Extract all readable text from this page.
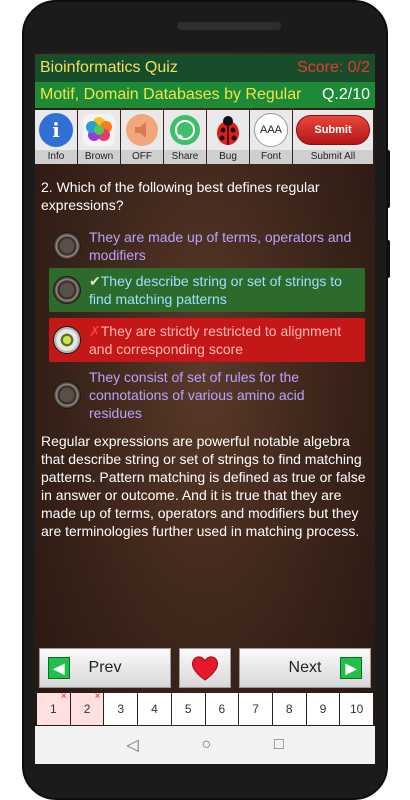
Bioinformatics Quiz	Score: 0/2
Motif, Domain Databases by Regular Q.2/10
i
Info	Brown	OFF	Share	Bug
AAA
Font
Submit
Submit All
2. Which of the following best defines regular expressions?
They are made up of terms, operators and modifiers
✔They describe string or set of strings to find matching patterns
✗They are strictly restricted to alignment and corresponding score
They consist of set of rules for the connotations of various amino acid residues
Regular expressions are powerful notable algebra that describe string or set of strings to find matching patterns. Pattern matching is defined as true or false in answer or outcome. And it is true that they are made up of terms, operators and modifiers but they are terminologies further used in matching process.
◀	Prev	Next	▶
1
×
2
×
3 4 5 6 7 8 9 10
◁	○	□
